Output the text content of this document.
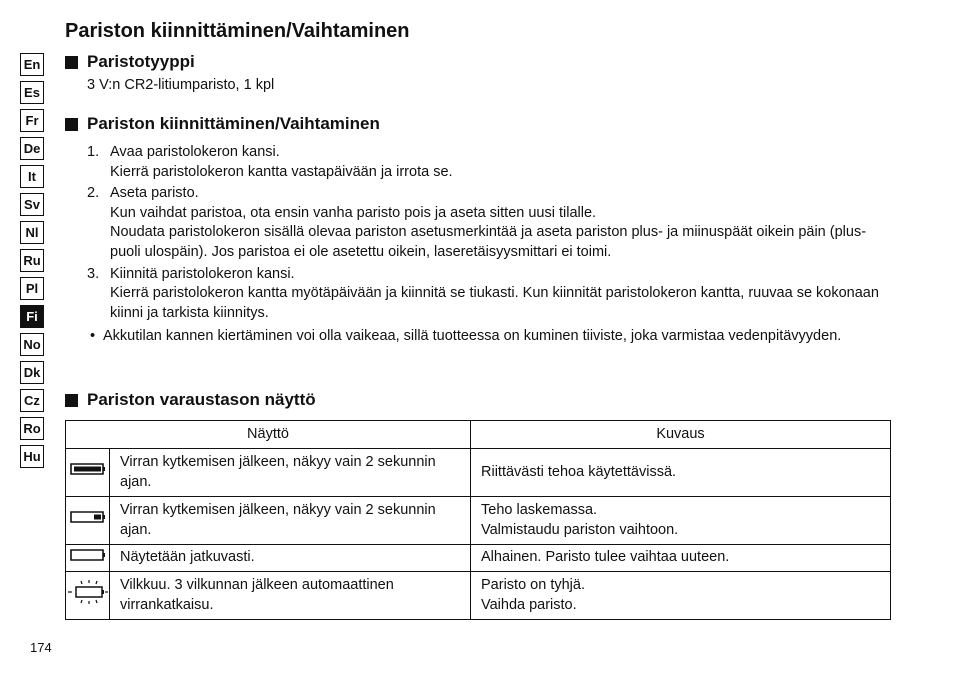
Pariston kiinnittäminen/Vaihtaminen
En
Es
Fr
De
It
Sv
Nl
Ru
Pl
Fi
No
Dk
Cz
Ro
Hu
Paristotyyppi
3 V:n CR2-litiumparisto, 1 kpl
Pariston kiinnittäminen/Vaihtaminen
1. Avaa paristolokeron kansi.
Kierrä paristolokeron kantta vastapäivään ja irrota se.
2. Aseta paristo.
Kun vaihdat paristoa, ota ensin vanha paristo pois ja aseta sitten uusi tilalle.
Noudata paristolokeron sisällä olevaa pariston asetusmerkintää ja aseta pariston plus- ja miinuspäät oikein päin (plus-puoli ulospäin). Jos paristoa ei ole asetettu oikein, laseretäisyysmittari ei toimi.
3. Kiinnitä paristolokeron kansi.
Kierrä paristolokeron kantta myötäpäivään ja kiinnitä se tiukasti. Kun kiinnität paristolokeron kantta, ruuvaa se kokonaan kiinni ja tarkista kiinnitys.
• Akkutilan kannen kiertäminen voi olla vaikeaa, sillä tuotteessa on kuminen tiiviste, joka varmistaa vedenpitävyyden.
Pariston varaustason näyttö
Näyttö		Kuvaus
	Virran kytkemisen jälkeen, näkyy vain 2 sekunnin ajan.	Riittävästi tehoa käytettävissä.

	Virran kytkemisen jälkeen, näkyy vain 2 sekunnin ajan.	Teho laskemassa.
Valmistaudu pariston vaihtoon.

	Näytetään jatkuvasti.	Alhainen. Paristo tulee vaihtaa uuteen.

	Vilkkuu. 3 vilkunnan jälkeen automaattinen virrankatkaisu.	Paristo on tyhjä.
Vaihda paristo.
174
